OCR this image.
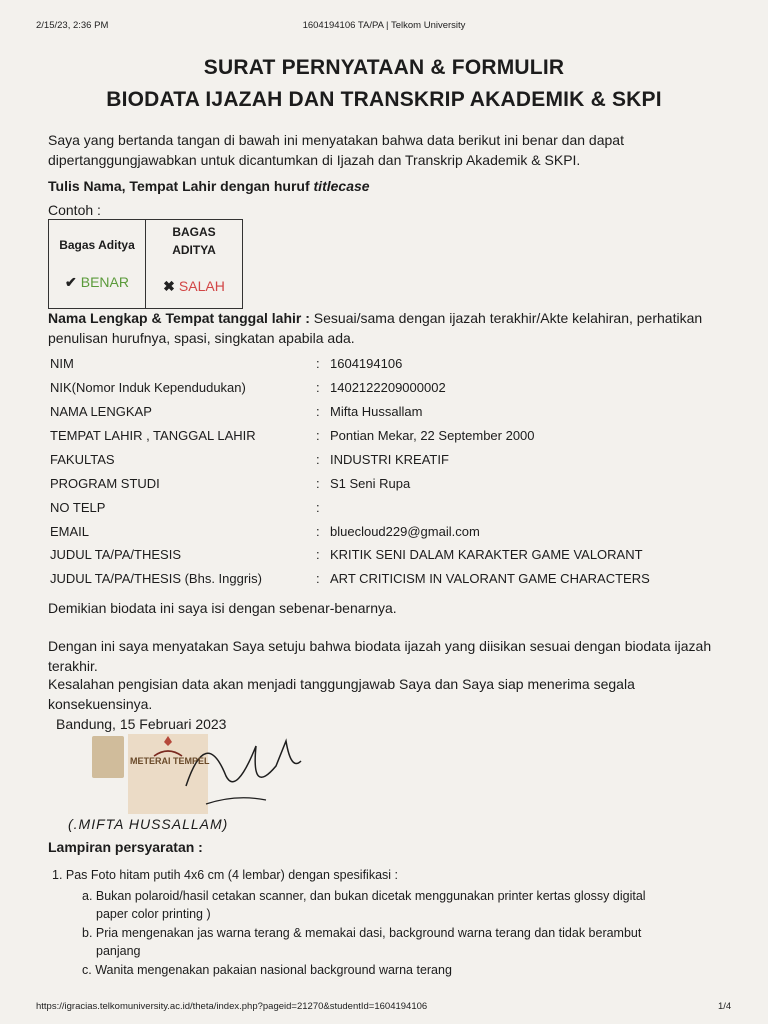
2/15/23, 2:36 PM	1604194106 TA/PA | Telkom University
SURAT PERNYATAAN & FORMULIR
BIODATA IJAZAH DAN TRANSKRIP AKADEMIK & SKPI
Saya yang bertanda tangan di bawah ini menyatakan bahwa data berikut ini benar dan dapat dipertanggungjawabkan untuk dicantumkan di Ijazah dan Transkrip Akademik & SKPI.
Tulis Nama, Tempat Lahir dengan huruf titlecase
Contoh :
Bagas Aditya
✔ BENAR
BAGAS
ADITYA
✖ SALAH
Nama Lengkap & Tempat tanggal lahir : Sesuai/sama dengan ijazah terakhir/Akte kelahiran, perhatikan penulisan hurufnya, spasi, singkatan apabila ada.
NIM	: 1604194106
NIK(Nomor Induk Kependudukan)	: 1402122209000002
NAMA LENGKAP	: Mifta Hussallam
TEMPAT LAHIR , TANGGAL LAHIR	: Pontian Mekar, 22 September 2000
FAKULTAS	: INDUSTRI KREATIF
PROGRAM STUDI	: S1 Seni Rupa
NO TELP	:
EMAIL	: bluecloud229@gmail.com
JUDUL TA/PA/THESIS	: KRITIK SENI DALAM KARAKTER GAME VALORANT
JUDUL TA/PA/THESIS (Bhs. Inggris)	: ART CRITICISM IN VALORANT GAME CHARACTERS
Demikian biodata ini saya isi dengan sebenar-benarnya.
Dengan ini saya menyatakan Saya setuju bahwa biodata ijazah yang diisikan sesuai dengan biodata ijazah terakhir.
Kesalahan pengisian data akan menjadi tanggungjawab Saya dan Saya siap menerima segala konsekuensinya.
Bandung, 15 Februari 2023
METERAI TEMPEL
(.MIFTA HUSSALLAM)
Lampiran persyaratan :
1. Pas Foto hitam putih 4x6 cm (4 lembar) dengan spesifikasi :
a. Bukan polaroid/hasil cetakan scanner, dan bukan dicetak menggunakan printer kertas glossy digital
paper color printing )
b. Pria mengenakan jas warna terang & memakai dasi, background warna terang dan tidak berambut
panjang
c. Wanita mengenakan pakaian nasional background warna terang
https://igracias.telkomuniversity.ac.id/theta/index.php?pageid=21270&studentId=1604194106	1/4
